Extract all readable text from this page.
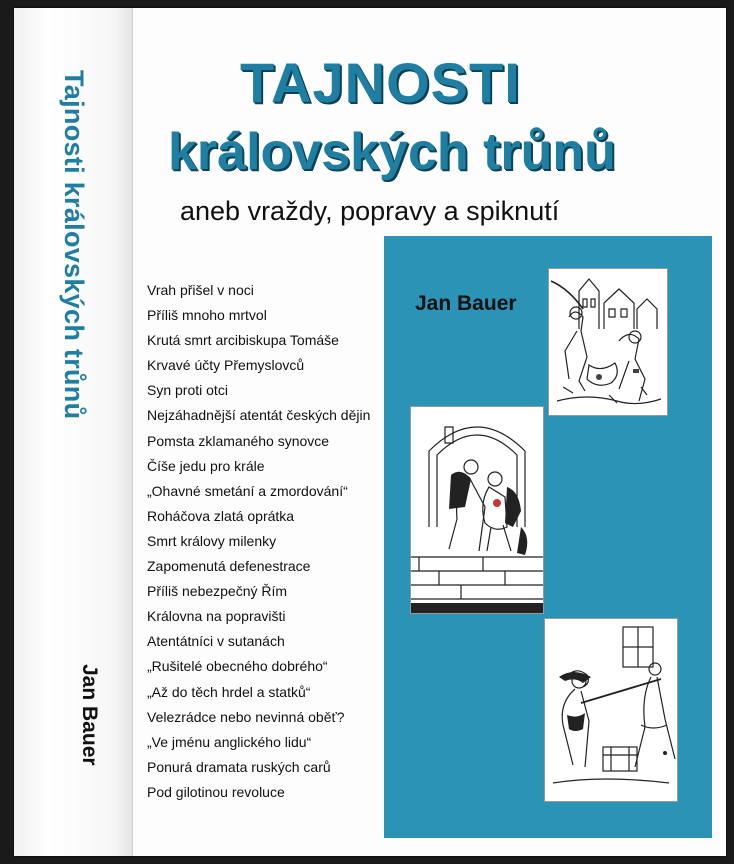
Tajnosti královských trůnů
Jan Bauer
TAJNOSTI
královských trůnů
aneb vraždy, popravy a spiknutí
Jan Bauer
Vrah přišel v noci
Příliš mnoho mrtvol
Krutá smrt arcibiskupa Tomáše
Krvavé účty Přemyslovců
Syn proti otci
Nejzáhadnější atentát českých dějin
Pomsta zklamaného synovce
Číše jedu pro krále
„Ohavné smetání a zmordování“
Roháčova zlatá oprátka
Smrt královy milenky
Zapomenutá defenestrace
Příliš nebezpečný Řím
Královna na popravišti
Atentátníci v sutanách
„Rušitelé obecného dobrého“
„Až do těch hrdel a statků“
Velezrádce nebo nevinná oběť?
„Ve jménu anglického lidu“
Ponurá dramata ruských carů
Pod gilotinou revoluce
